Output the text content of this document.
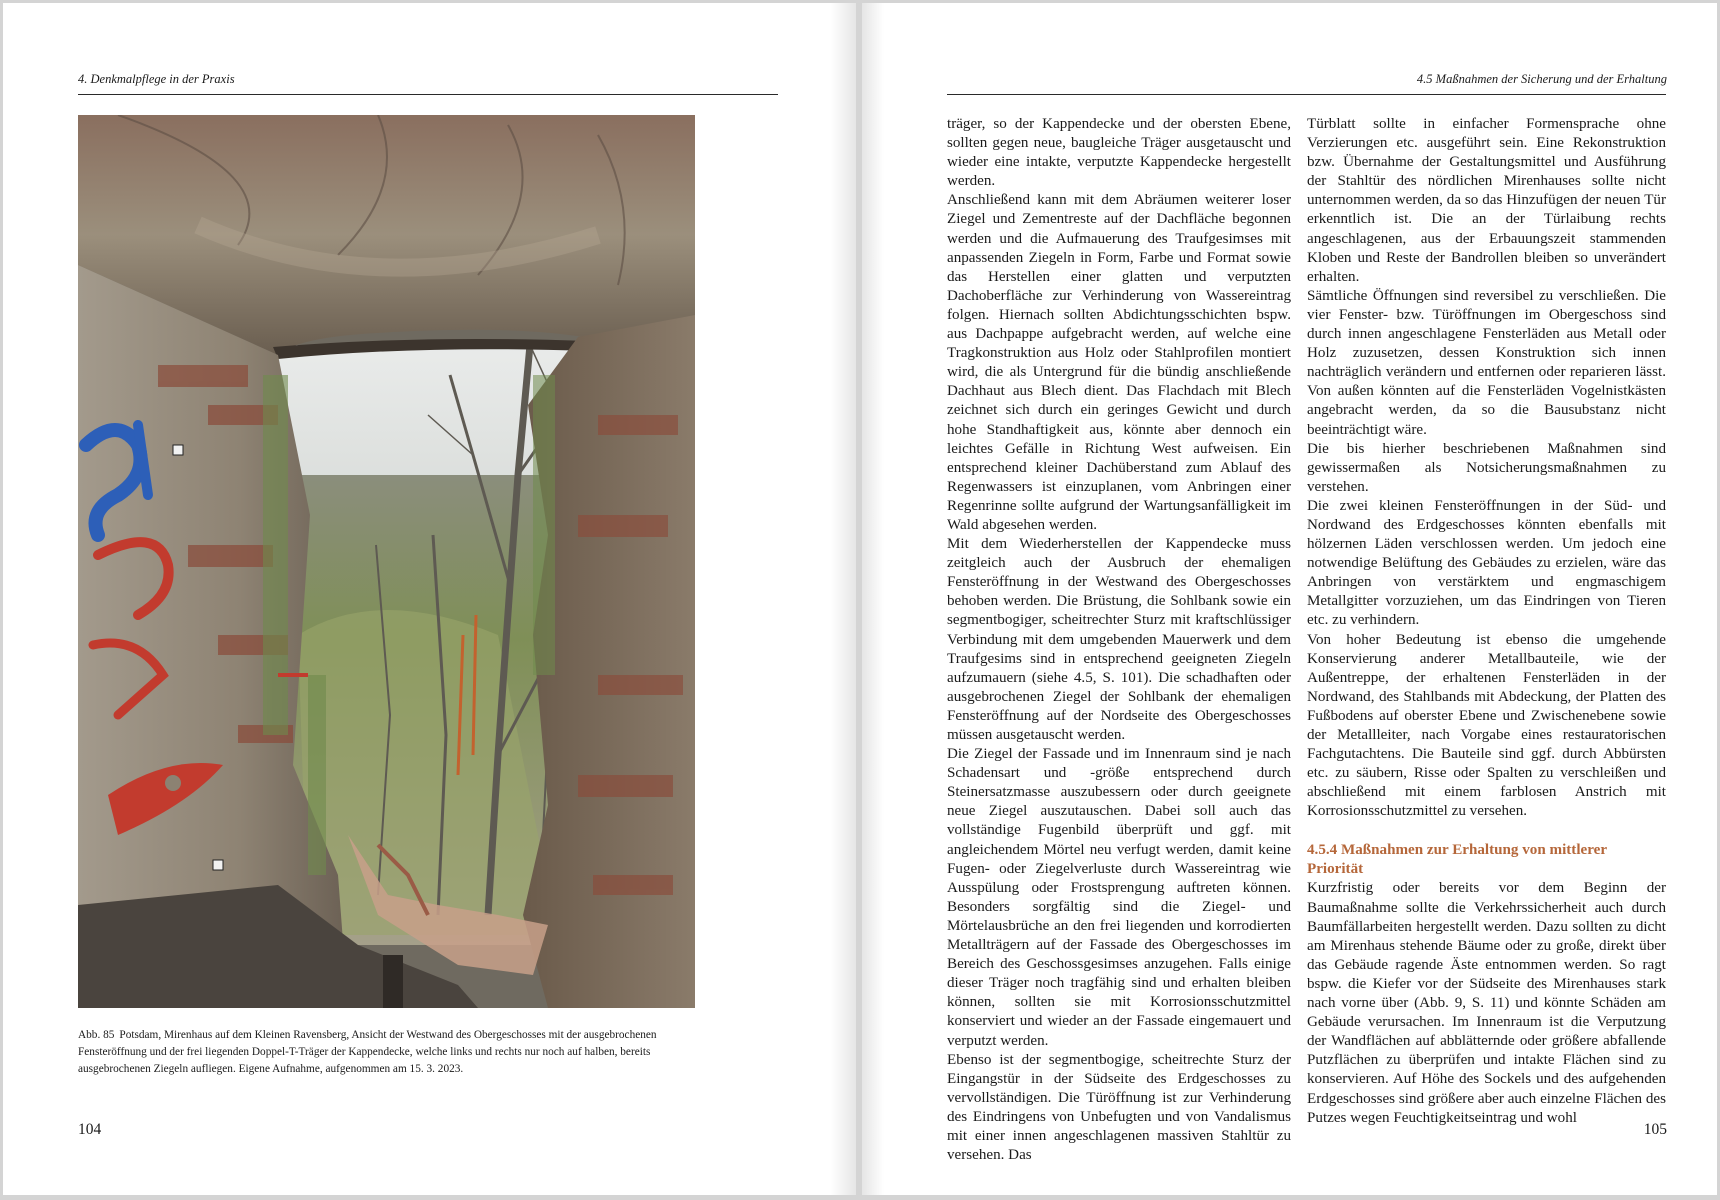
4. Denkmalpflege in der Praxis

Abb. 85 Potsdam, Mirenhaus auf dem Kleinen Ravensberg, Ansicht der Westwand des Obergeschosses mit der ausgebrochenen Fensteröffnung und der frei liegenden Doppel-T-Träger der Kappendecke, welche links und rechts nur noch auf halben, bereits ausgebrochenen Ziegeln aufliegen. Eigene Aufnahme, aufgenommen am 15. 3. 2023.

104
4.5 Maßnahmen der Sicherung und der Erhaltung

träger, so der Kappendecke und der obersten Ebene, sollten gegen neue, baugleiche Träger ausgetauscht und wieder eine intakte, verputzte Kappendecke hergestellt werden.

Anschließend kann mit dem Abräumen weiterer loser Ziegel und Zementreste auf der Dachfläche begonnen werden und die Aufmauerung des Traufgesimses mit anpassenden Ziegeln in Form, Farbe und Format sowie das Herstellen einer glatten und verputzten Dachoberfläche zur Verhinderung von Wassereintrag folgen. Hiernach sollten Abdichtungsschichten bspw. aus Dachpappe aufgebracht werden, auf welche eine Tragkonstruktion aus Holz oder Stahlprofilen montiert wird, die als Untergrund für die bündig anschließende Dachhaut aus Blech dient. Das Flachdach mit Blech zeichnet sich durch ein geringes Gewicht und durch hohe Standhaftigkeit aus, könnte aber dennoch ein leichtes Gefälle in Richtung West aufweisen. Ein entsprechend kleiner Dachüberstand zum Ablauf des Regenwassers ist einzuplanen, vom Anbringen einer Regenrinne sollte aufgrund der Wartungsanfälligkeit im Wald abgesehen werden.

Mit dem Wiederherstellen der Kappendecke muss zeitgleich auch der Ausbruch der ehemaligen Fensteröffnung in der Westwand des Obergeschosses behoben werden. Die Brüstung, die Sohlbank sowie ein segmentbogiger, scheitrechter Sturz mit kraftschlüssiger Verbindung mit dem umgebenden Mauerwerk und dem Traufgesims sind in entsprechend geeigneten Ziegeln aufzumauern (siehe 4.5, S. 101). Die schadhaften oder ausgebrochenen Ziegel der Sohlbank der ehemaligen Fensteröffnung auf der Nordseite des Obergeschosses müssen ausgetauscht werden.

Die Ziegel der Fassade und im Innenraum sind je nach Schadensart und -größe entsprechend durch Steinersatzmasse auszubessern oder durch geeignete neue Ziegel auszutauschen. Dabei soll auch das vollständige Fugenbild überprüft und ggf. mit angleichendem Mörtel neu verfugt werden, damit keine Fugen- oder Ziegelverluste durch Wassereintrag wie Ausspülung oder Frostsprengung auftreten können. Besonders sorgfältig sind die Ziegel- und Mörtelausbrüche an den frei liegenden und korrodierten Metallträgern auf der Fassade des Obergeschosses im Bereich des Geschossgesimses anzugehen. Falls einige dieser Träger noch tragfähig sind und erhalten bleiben können, sollten sie mit Korrosionsschutzmittel konserviert und wieder an der Fassade eingemauert und verputzt werden.

Ebenso ist der segmentbogige, scheitrechte Sturz der Eingangstür in der Südseite des Erdgeschosses zu vervollständigen. Die Türöffnung ist zur Verhinderung des Eindringens von Unbefugten und von Vandalismus mit einer innen angeschlagenen massiven Stahltür zu versehen. Das

Türblatt sollte in einfacher Formensprache ohne Verzierungen etc. ausgeführt sein. Eine Rekonstruktion bzw. Übernahme der Gestaltungsmittel und Ausführung der Stahltür des nördlichen Mirenhauses sollte nicht unternommen werden, da so das Hinzufügen der neuen Tür erkenntlich ist. Die an der Türlaibung rechts angeschlagenen, aus der Erbauungszeit stammenden Kloben und Reste der Bandrollen bleiben so unverändert erhalten.

Sämtliche Öffnungen sind reversibel zu verschließen. Die vier Fenster- bzw. Türöffnungen im Obergeschoss sind durch innen angeschlagene Fensterläden aus Metall oder Holz zuzusetzen, dessen Konstruktion sich innen nachträglich verändern und entfernen oder reparieren lässt. Von außen könnten auf die Fensterläden Vogelnistkästen angebracht werden, da so die Bausubstanz nicht beeinträchtigt wäre.

Die bis hierher beschriebenen Maßnahmen sind gewissermaßen als Notsicherungsmaßnahmen zu verstehen.

Die zwei kleinen Fensteröffnungen in der Süd- und Nordwand des Erdgeschosses könnten ebenfalls mit hölzernen Läden verschlossen werden. Um jedoch eine notwendige Belüftung des Gebäudes zu erzielen, wäre das Anbringen von verstärktem und engmaschigem Metallgitter vorzuziehen, um das Eindringen von Tieren etc. zu verhindern.

Von hoher Bedeutung ist ebenso die umgehende Konservierung anderer Metallbauteile, wie der Außentreppe, der erhaltenen Fensterläden in der Nordwand, des Stahlbands mit Abdeckung, der Platten des Fußbodens auf oberster Ebene und Zwischenebene sowie der Metallleiter, nach Vorgabe eines restauratorischen Fachgutachtens. Die Bauteile sind ggf. durch Abbürsten etc. zu säubern, Risse oder Spalten zu verschleißen und abschließend mit einem farblosen Anstrich mit Korrosionsschutzmittel zu versehen.

4.5.4 Maßnahmen zur Erhaltung von mittlerer Priorität

Kurzfristig oder bereits vor dem Beginn der Baumaßnahme sollte die Verkehrssicherheit auch durch Baumfällarbeiten hergestellt werden. Dazu sollten zu dicht am Mirenhaus stehende Bäume oder zu große, direkt über das Gebäude ragende Äste entnommen werden. So ragt bspw. die Kiefer vor der Südseite des Mirenhauses stark nach vorne über (Abb. 9, S. 11) und könnte Schäden am Gebäude verursachen. Im Innenraum ist die Verputzung der Wandflächen auf abblätternde oder größere abfallende Putzflächen zu überprüfen und intakte Flächen sind zu konservieren. Auf Höhe des Sockels und des aufgehenden Erdgeschosses sind größere aber auch einzelne Flächen des Putzes wegen Feuchtigkeitseintrag und wohl

105
